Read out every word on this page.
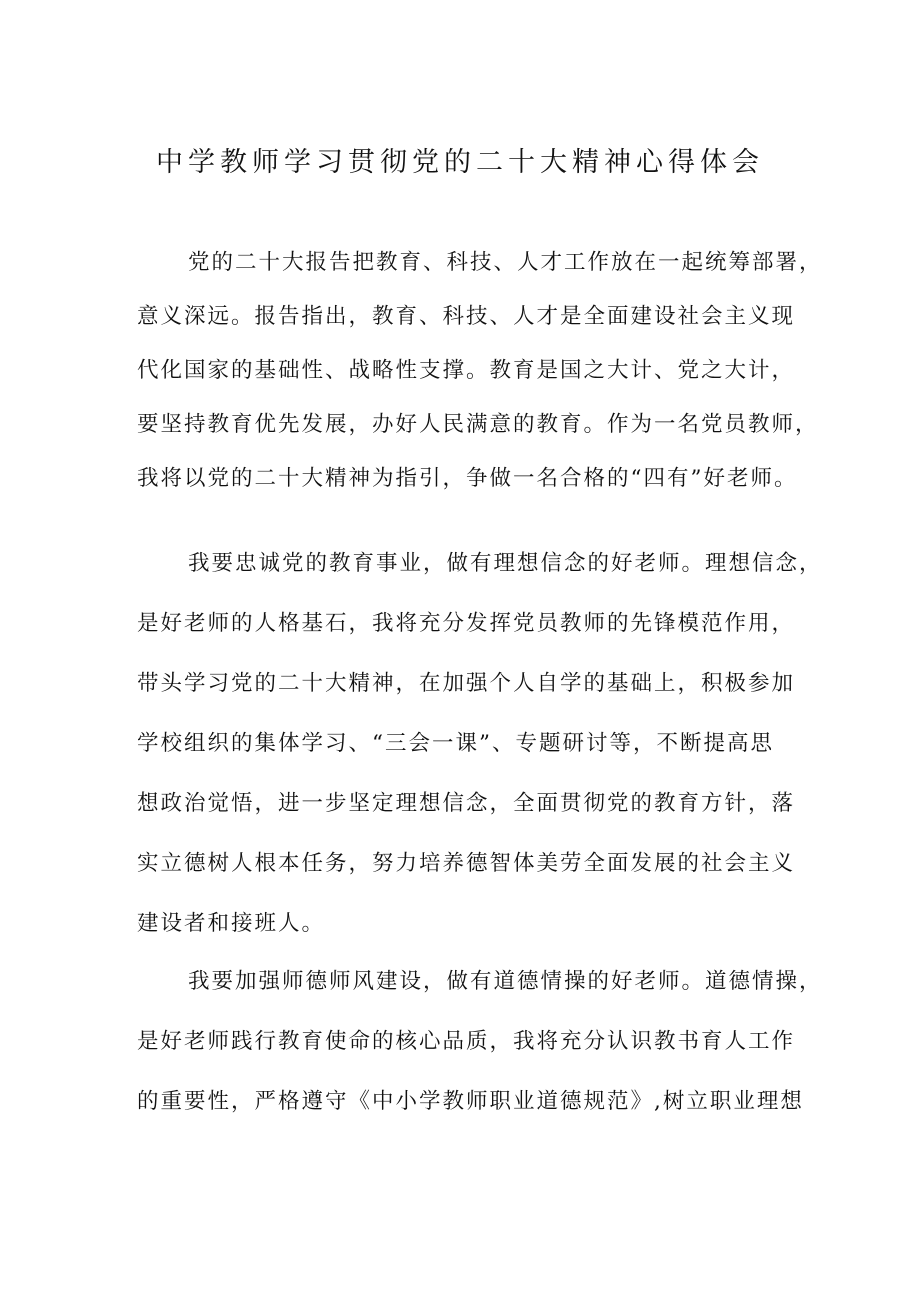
中学教师学习贯彻党的二十大精神心得体会
党的二十大报告把教育、科技、人才工作放在一起统筹部署，
意义深远。报告指出，教育、科技、人才是全面建设社会主义现
代化国家的基础性、战略性支撑。教育是国之大计、党之大计，
要坚持教育优先发展，办好人民满意的教育。作为一名党员教师，
我将以党的二十大精神为指引，争做一名合格的“四有”好老师。
我要忠诚党的教育事业，做有理想信念的好老师。理想信念，
是好老师的人格基石，我将充分发挥党员教师的先锋模范作用，
带头学习党的二十大精神，在加强个人自学的基础上，积极参加
学校组织的集体学习、“三会一课”、专题研讨等，不断提高思
想政治觉悟，进一步坚定理想信念，全面贯彻党的教育方针，落
实立德树人根本任务，努力培养德智体美劳全面发展的社会主义
建设者和接班人。
我要加强师德师风建设，做有道德情操的好老师。道德情操，
是好老师践行教育使命的核心品质，我将充分认识教书育人工作
的重要性，严格遵守《中小学教师职业道德规范》,树立职业理想
